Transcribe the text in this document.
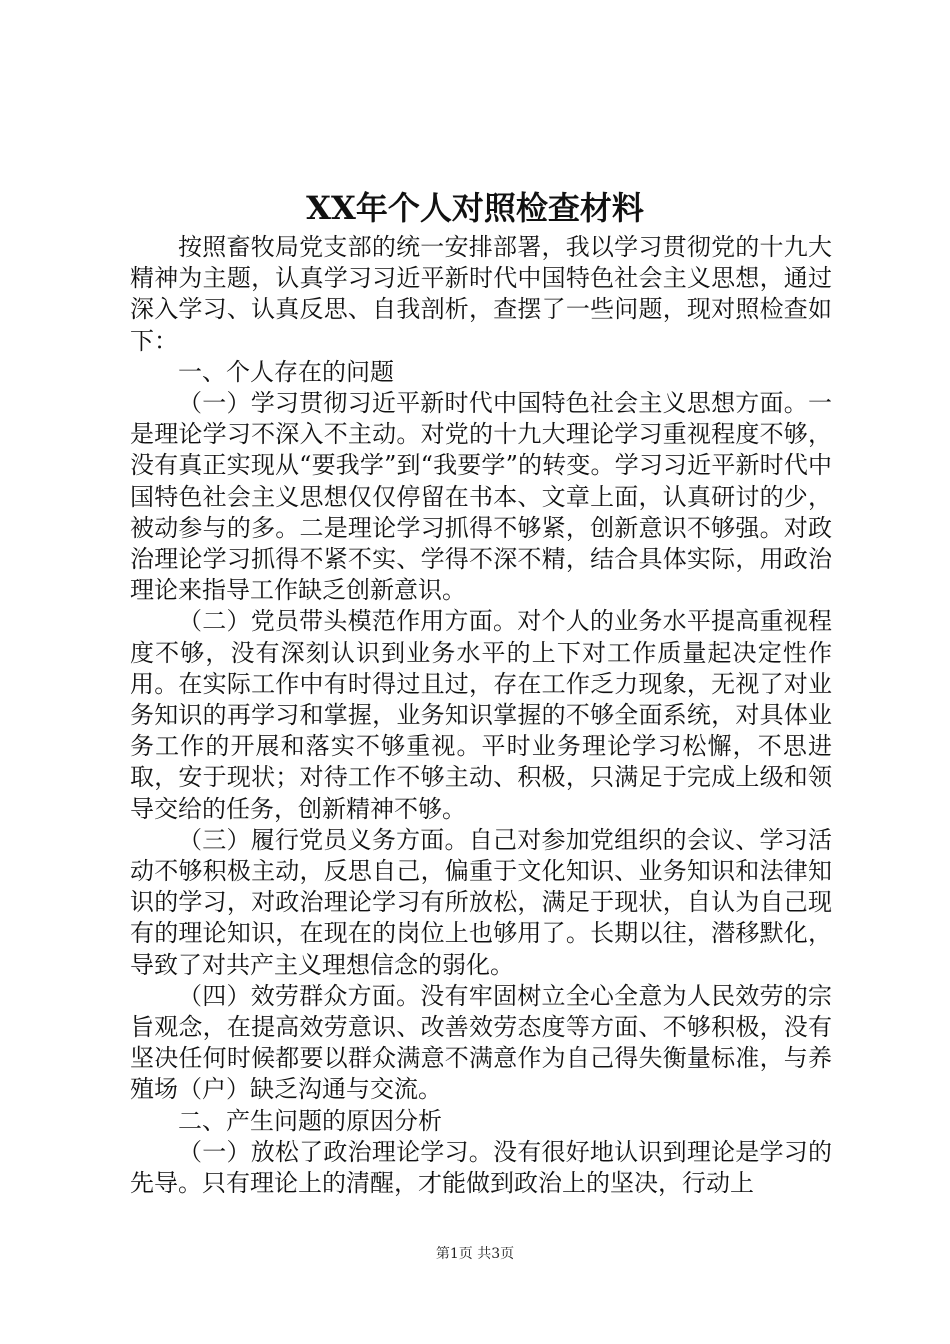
XX年个人对照检查材料

按照畜牧局党支部的统一安排部署，我以学习贯彻党的十九大精神为主题，认真学习习近平新时代中国特色社会主义思想，通过深入学习、认真反思、自我剖析，查摆了一些问题，现对照检查如下：

一、个人存在的问题

（一）学习贯彻习近平新时代中国特色社会主义思想方面。一是理论学习不深入不主动。对党的十九大理论学习重视程度不够，没有真正实现从“要我学”到“我要学”的转变。学习习近平新时代中国特色社会主义思想仅仅停留在书本、文章上面，认真研讨的少，被动参与的多。二是理论学习抓得不够紧，创新意识不够强。对政治理论学习抓得不紧不实、学得不深不精，结合具体实际，用政治理论来指导工作缺乏创新意识。

（二）党员带头模范作用方面。对个人的业务水平提高重视程度不够，没有深刻认识到业务水平的上下对工作质量起决定性作用。在实际工作中有时得过且过，存在工作乏力现象，无视了对业务知识的再学习和掌握，业务知识掌握的不够全面系统，对具体业务工作的开展和落实不够重视。平时业务理论学习松懈，不思进取，安于现状；对待工作不够主动、积极，只满足于完成上级和领导交给的任务，创新精神不够。

（三）履行党员义务方面。自己对参加党组织的会议、学习活动不够积极主动，反思自己，偏重于文化知识、业务知识和法律知识的学习，对政治理论学习有所放松，满足于现状，自认为自己现有的理论知识，在现在的岗位上也够用了。长期以往，潜移默化，导致了对共产主义理想信念的弱化。

（四）效劳群众方面。没有牢固树立全心全意为人民效劳的宗旨观念，在提高效劳意识、改善效劳态度等方面、不够积极，没有坚决任何时候都要以群众满意不满意作为自己得失衡量标准，与养殖场（户）缺乏沟通与交流。

二、产生问题的原因分析

（一）放松了政治理论学习。没有很好地认识到理论是学习的先导。只有理论上的清醒，才能做到政治上的坚决，行动上

第1页 共3页
